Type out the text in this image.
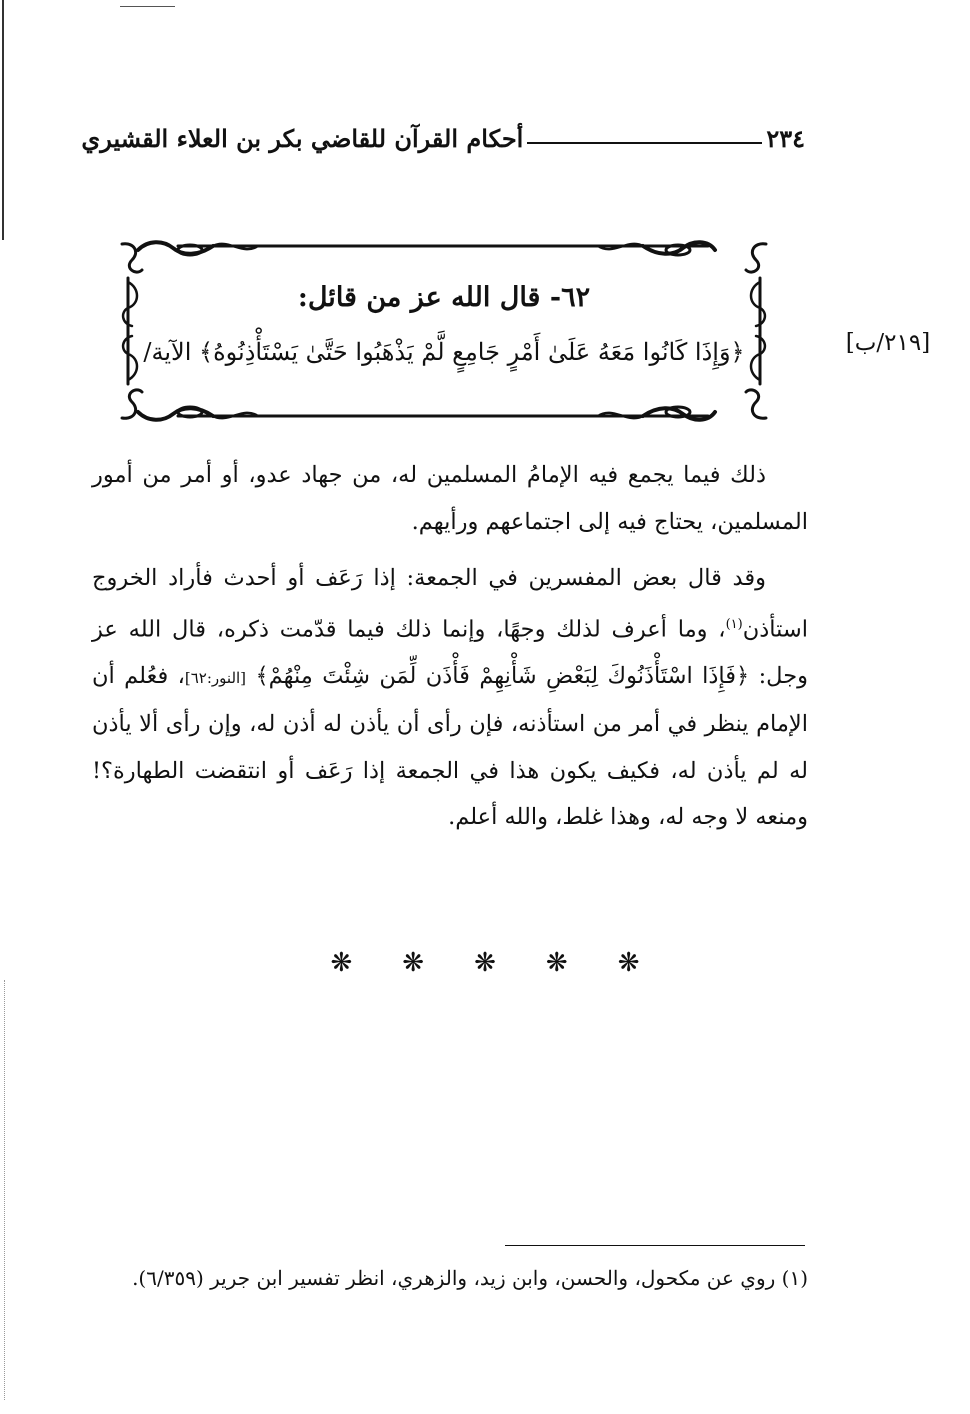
٢٣٤
أحكام القرآن للقاضي بكر بن العلاء القشيري
٦٢- قال الله عز من قائل:
﴿وَإِذَا كَانُوا مَعَهُ عَلَىٰ أَمْرٍ جَامِعٍ لَّمْ يَذْهَبُوا حَتَّىٰ يَسْتَأْذِنُوهُ﴾ الآية/	[٢١٩/ب]
ذلك فيما يجمع فيه الإمامُ المسلمين له، من جهاد عدو، أو أمر من أمور المسلمين، يحتاج فيه إلى اجتماعهم ورأيهم.
وقد قال بعض المفسرين في الجمعة: إذا رَعَف أو أحدث فأراد الخروج استأذن$^{(١)}$، وما أعرف لذلك وجهًا، وإنما ذلك فيما قدّمت ذكره، قال الله عز وجل: ﴿فَإِذَا اسْتَأْذَنُوكَ لِبَعْضِ شَأْنِهِمْ فَأْذَن لِّمَن شِئْتَ مِنْهُمْ﴾ [النور:٦٢]، فعُلم أن الإمام ينظر في أمر من استأذنه، فإن رأى أن يأذن له أذن له، وإن رأى ألا يأذن له لم يأذن له، فكيف يكون هذا في الجمعة إذا رَعَف أو انتقضت الطهارة؟! ومنعه لا وجه له، وهذا غلط، والله أعلم.
❋ ❋ ❋ ❋ ❋
(١) روي عن مكحول، والحسن، وابن زيد، والزهري، انظر تفسير ابن جرير (٦/٣٥٩).
